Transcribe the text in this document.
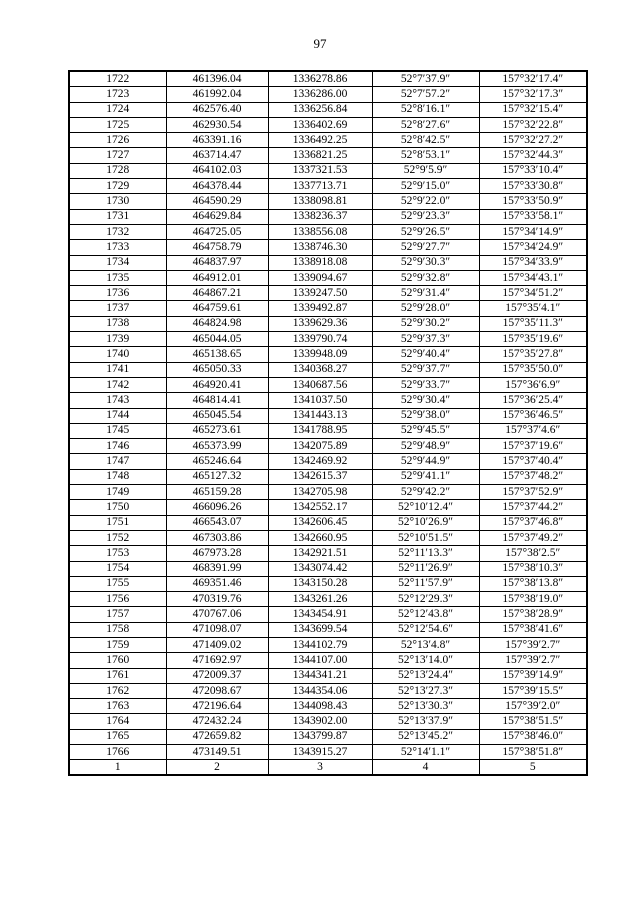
97
1722	461396.04	1336278.86	52°7′37.9″	157°32′17.4″
1723	461992.04	1336286.00	52°7′57.2″	157°32′17.3″
1724	462576.40	1336256.84	52°8′16.1″	157°32′15.4″
1725	462930.54	1336402.69	52°8′27.6″	157°32′22.8″
1726	463391.16	1336492.25	52°8′42.5″	157°32′27.2″
1727	463714.47	1336821.25	52°8′53.1″	157°32′44.3″
1728	464102.03	1337321.53	52°9′5.9″	157°33′10.4″
1729	464378.44	1337713.71	52°9′15.0″	157°33′30.8″
1730	464590.29	1338098.81	52°9′22.0″	157°33′50.9″
1731	464629.84	1338236.37	52°9′23.3″	157°33′58.1″
1732	464725.05	1338556.08	52°9′26.5″	157°34′14.9″
1733	464758.79	1338746.30	52°9′27.7″	157°34′24.9″
1734	464837.97	1338918.08	52°9′30.3″	157°34′33.9″
1735	464912.01	1339094.67	52°9′32.8″	157°34′43.1″
1736	464867.21	1339247.50	52°9′31.4″	157°34′51.2″
1737	464759.61	1339492.87	52°9′28.0″	157°35′4.1″
1738	464824.98	1339629.36	52°9′30.2″	157°35′11.3″
1739	465044.05	1339790.74	52°9′37.3″	157°35′19.6″
1740	465138.65	1339948.09	52°9′40.4″	157°35′27.8″
1741	465050.33	1340368.27	52°9′37.7″	157°35′50.0″
1742	464920.41	1340687.56	52°9′33.7″	157°36′6.9″
1743	464814.41	1341037.50	52°9′30.4″	157°36′25.4″
1744	465045.54	1341443.13	52°9′38.0″	157°36′46.5″
1745	465273.61	1341788.95	52°9′45.5″	157°37′4.6″
1746	465373.99	1342075.89	52°9′48.9″	157°37′19.6″
1747	465246.64	1342469.92	52°9′44.9″	157°37′40.4″
1748	465127.32	1342615.37	52°9′41.1″	157°37′48.2″
1749	465159.28	1342705.98	52°9′42.2″	157°37′52.9″
1750	466096.26	1342552.17	52°10′12.4″	157°37′44.2″
1751	466543.07	1342606.45	52°10′26.9″	157°37′46.8″
1752	467303.86	1342660.95	52°10′51.5″	157°37′49.2″
1753	467973.28	1342921.51	52°11′13.3″	157°38′2.5″
1754	468391.99	1343074.42	52°11′26.9″	157°38′10.3″
1755	469351.46	1343150.28	52°11′57.9″	157°38′13.8″
1756	470319.76	1343261.26	52°12′29.3″	157°38′19.0″
1757	470767.06	1343454.91	52°12′43.8″	157°38′28.9″
1758	471098.07	1343699.54	52°12′54.6″	157°38′41.6″
1759	471409.02	1344102.79	52°13′4.8″	157°39′2.7″
1760	471692.97	1344107.00	52°13′14.0″	157°39′2.7″
1761	472009.37	1344341.21	52°13′24.4″	157°39′14.9″
1762	472098.67	1344354.06	52°13′27.3″	157°39′15.5″
1763	472196.64	1344098.43	52°13′30.3″	157°39′2.0″
1764	472432.24	1343902.00	52°13′37.9″	157°38′51.5″
1765	472659.82	1343799.87	52°13′45.2″	157°38′46.0″
1766	473149.51	1343915.27	52°14′1.1″	157°38′51.8″
1	2	3	4	5
